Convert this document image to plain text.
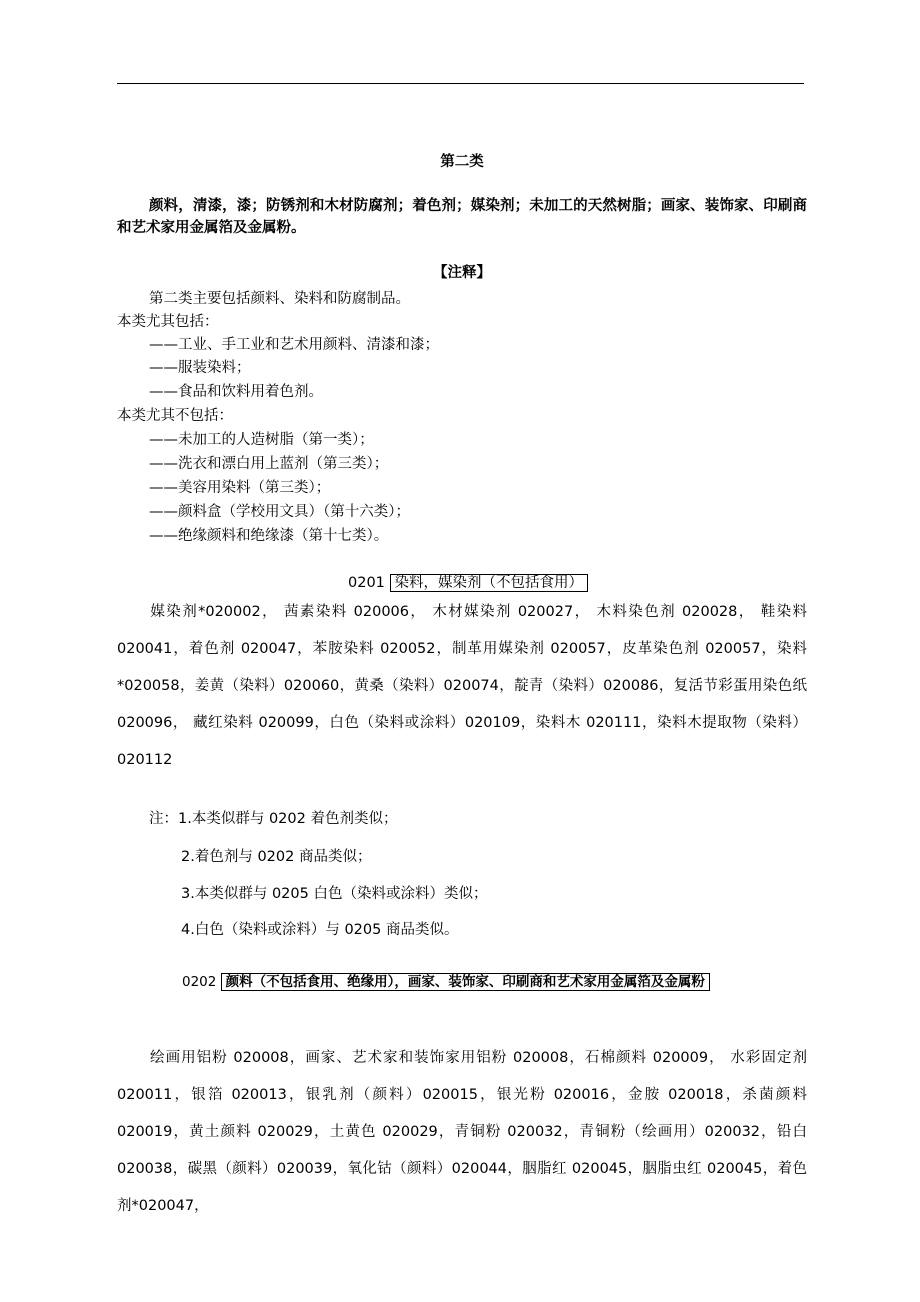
第二类
颜料，清漆，漆；防锈剂和木材防腐剂；着色剂；媒染剂；未加工的天然树脂；画家、装饰家、印刷商和艺术家用金属箔及金属粉。
【注释】
第二类主要包括颜料、染料和防腐制品。
本类尤其包括：
——工业、手工业和艺术用颜料、清漆和漆；
——服装染料；
——食品和饮料用着色剂。
本类尤其不包括：
——未加工的人造树脂（第一类）；
——洗衣和漂白用上蓝剂（第三类）；
——美容用染料（第三类）；
——颜料盒（学校用文具）（第十六类）；
——绝缘颜料和绝缘漆（第十七类）。
0201 染料，媒染剂（不包括食用）
媒染剂*020002， 茜素染料 020006， 木材媒染剂 020027， 木料染色剂 020028， 鞋染料 020041，着色剂 020047，苯胺染料 020052，制革用媒染剂 020057，皮革染色剂 020057，染料*020058，姜黄（染料）020060，黄桑（染料）020074，靛青（染料）020086，复活节彩蛋用染色纸 020096， 藏红染料 020099，白色（染料或涂料）020109，染料木 020111，染料木提取物（染料）020112
注：1.本类似群与 0202 着色剂类似；
2.着色剂与 0202 商品类似；
3.本类似群与 0205 白色（染料或涂料）类似；
4.白色（染料或涂料）与 0205 商品类似。
0202 颜料（不包括食用、绝缘用），画家、装饰家、印刷商和艺术家用金属箔及金属粉
绘画用铝粉 020008，画家、艺术家和装饰家用铝粉 020008，石棉颜料 020009， 水彩固定剂 020011，银箔 020013，银乳剂（颜料）020015，银光粉 020016，金胺 020018，杀菌颜料 020019，黄土颜料 020029，土黄色 020029，青铜粉 020032，青铜粉（绘画用）020032，铅白 020038，碳黑（颜料）020039，氧化钴（颜料）020044，胭脂红 020045，胭脂虫红 020045，着色剂*020047，
